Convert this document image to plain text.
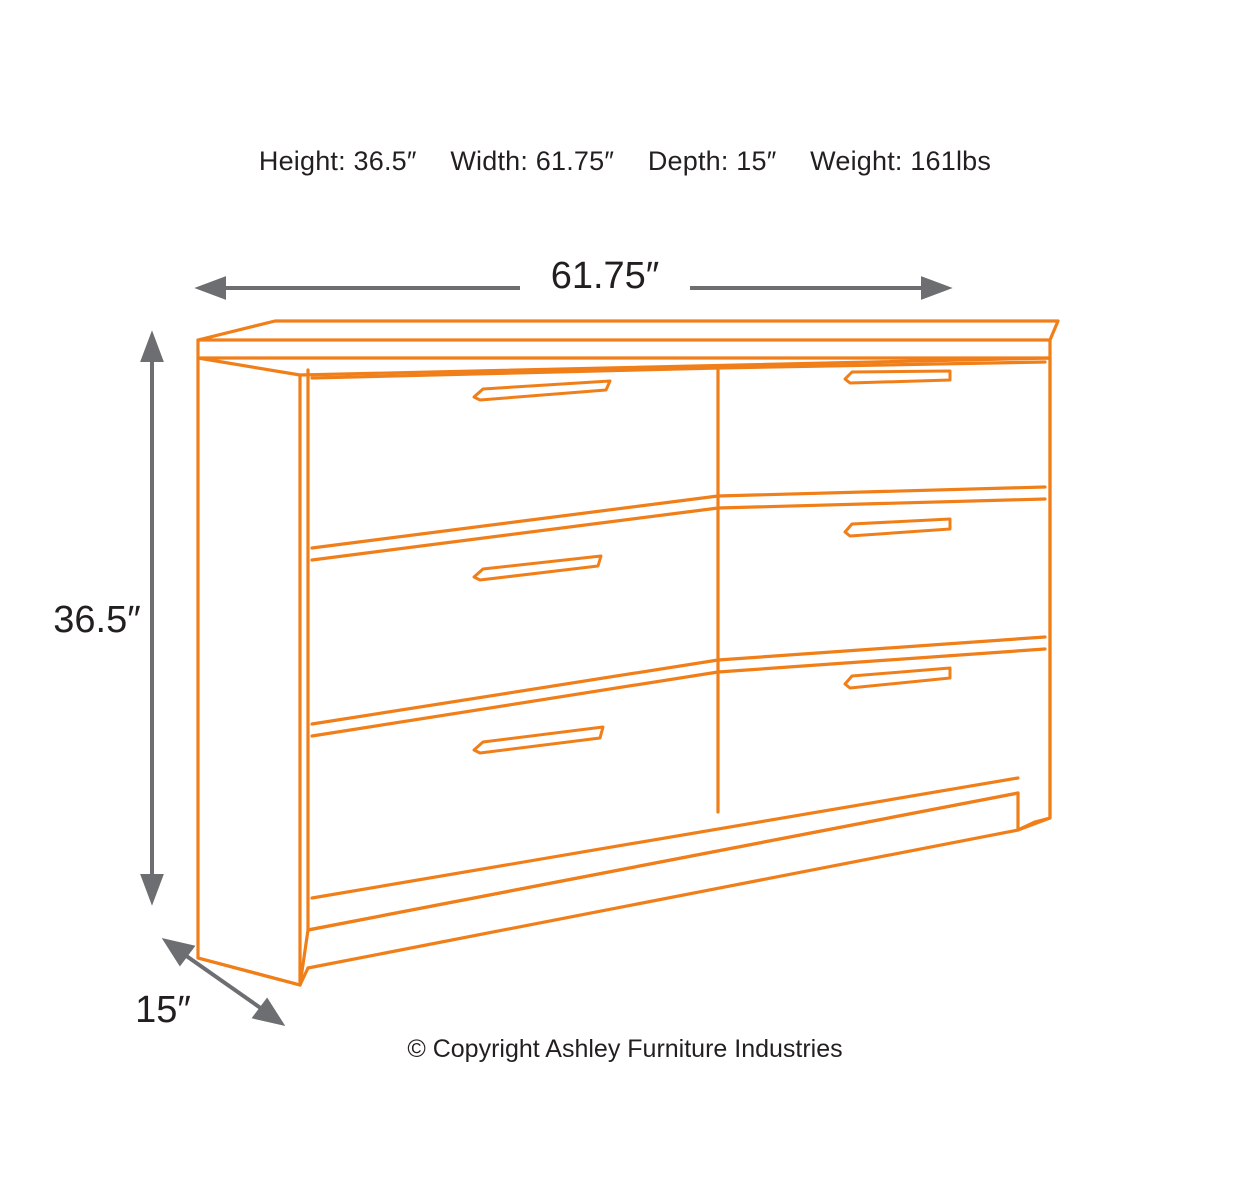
Height: 36.5″ Width: 61.75″ Depth: 15″ Weight: 161lbs
61.75″
36.5″
15″
© Copyright Ashley Furniture Industries
